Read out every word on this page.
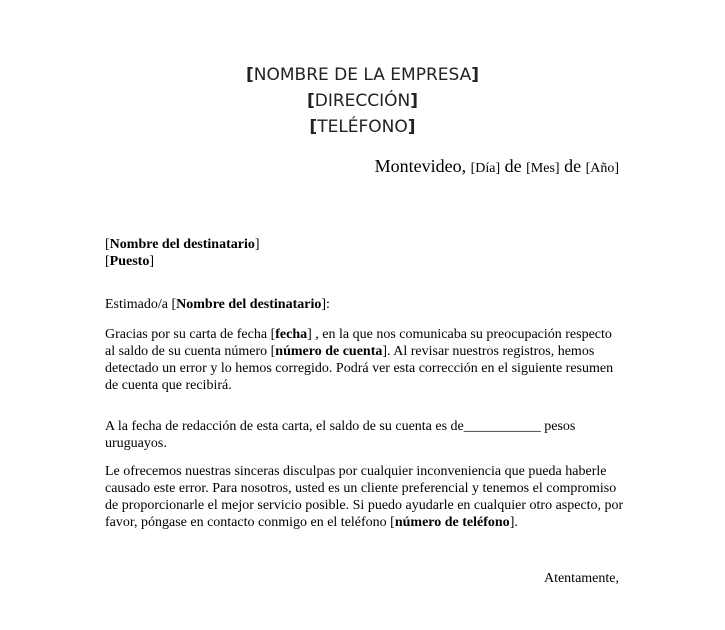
[NOMBRE DE LA EMPRESA]
[DIRECCIÓN]
[TELÉFONO]
Montevideo, [Día] de [Mes] de [Año]
[Nombre del destinatario]
[Puesto]
Estimado/a [Nombre del destinatario]:
Gracias por su carta de fecha [fecha] , en la que nos comunicaba su preocupación respecto al saldo de su cuenta número [número de cuenta]. Al revisar nuestros registros, hemos detectado un error y lo hemos corregido. Podrá ver esta corrección en el siguiente resumen de cuenta que recibirá.
A la fecha de redacción de esta carta, el saldo de su cuenta es de___________ pesos uruguayos.
Le ofrecemos nuestras sinceras disculpas por cualquier inconveniencia que pueda haberle causado este error. Para nosotros, usted es un cliente preferencial y tenemos el compromiso de proporcionarle el mejor servicio posible. Si puedo ayudarle en cualquier otro aspecto, por favor, póngase en contacto conmigo en el teléfono [número de teléfono].
Atentamente,
